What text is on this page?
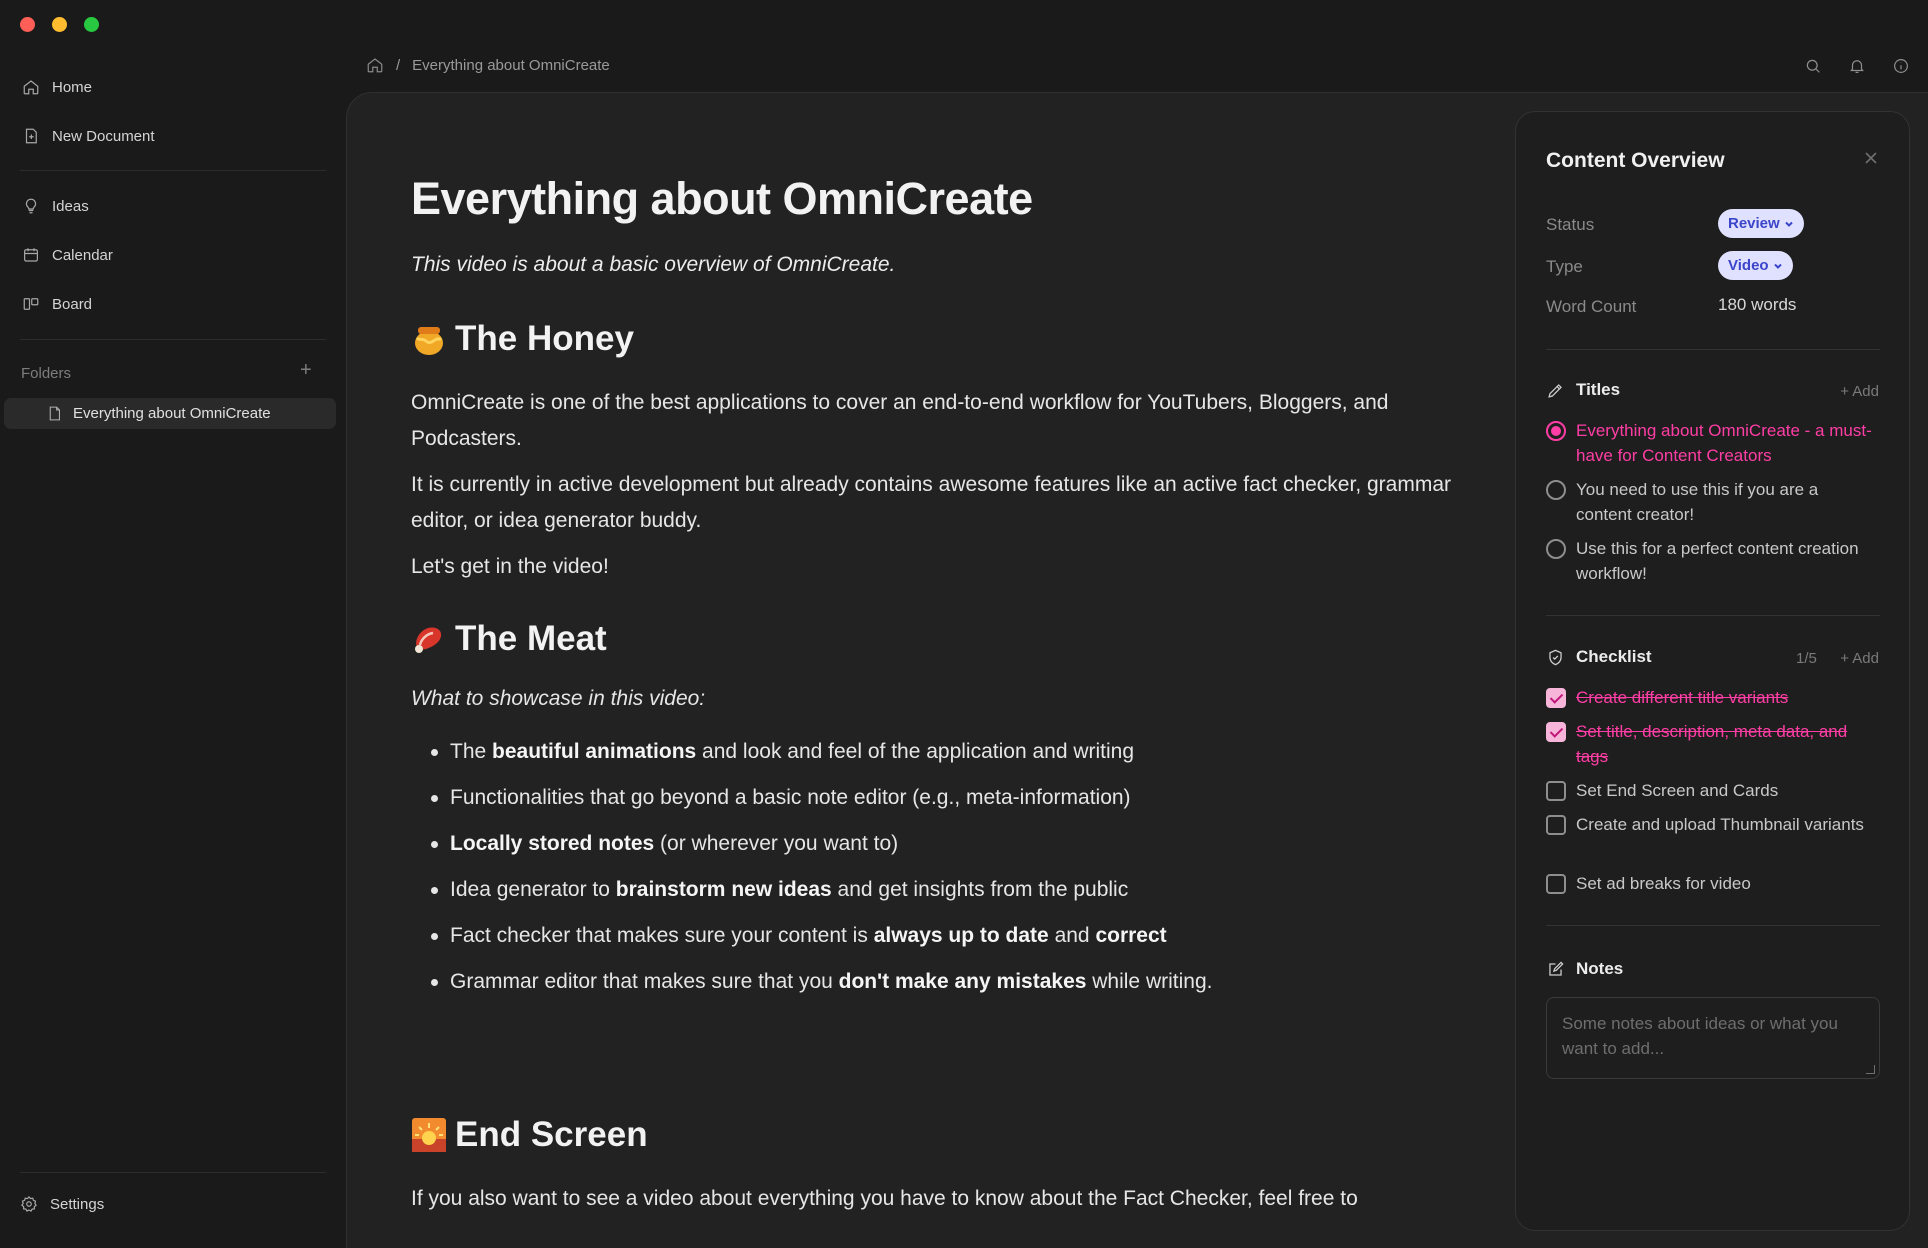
Home
New Document
Ideas
Calendar
Board
Folders	+
Everything about OmniCreate
Settings
/ Everything about OmniCreate
Everything about OmniCreate
This video is about a basic overview of OmniCreate.
The Honey
OmniCreate is one of the best applications to cover an end-to-end workflow for YouTubers, Bloggers, and Podcasters.
It is currently in active development but already contains awesome features like an active fact checker, grammar editor, or idea generator buddy.
Let's get in the video!
The Meat
What to showcase in this video:
The beautiful animations and look and feel of the application and writing
Functionalities that go beyond a basic note editor (e.g., meta-information)
Locally stored notes (or wherever you want to)
Idea generator to brainstorm new ideas and get insights from the public
Fact checker that makes sure your content is always up to date and correct
Grammar editor that makes sure that you don't make any mistakes while writing.
End Screen
If you also want to see a video about everything you have to know about the Fact Checker, feel free to
Content Overview
Status	Review
Type	Video
Word Count	180 words
Titles	+ Add
Everything about OmniCreate - a must-have for Content Creators
You need to use this if you are a content creator!
Use this for a perfect content creation workflow!
Checklist	1/5 + Add
Create different title variants
Set title, description, meta data, and tags
Set End Screen and Cards
Create and upload Thumbnail variants
Set ad breaks for video
Notes
Some notes about ideas or what you want to add...
